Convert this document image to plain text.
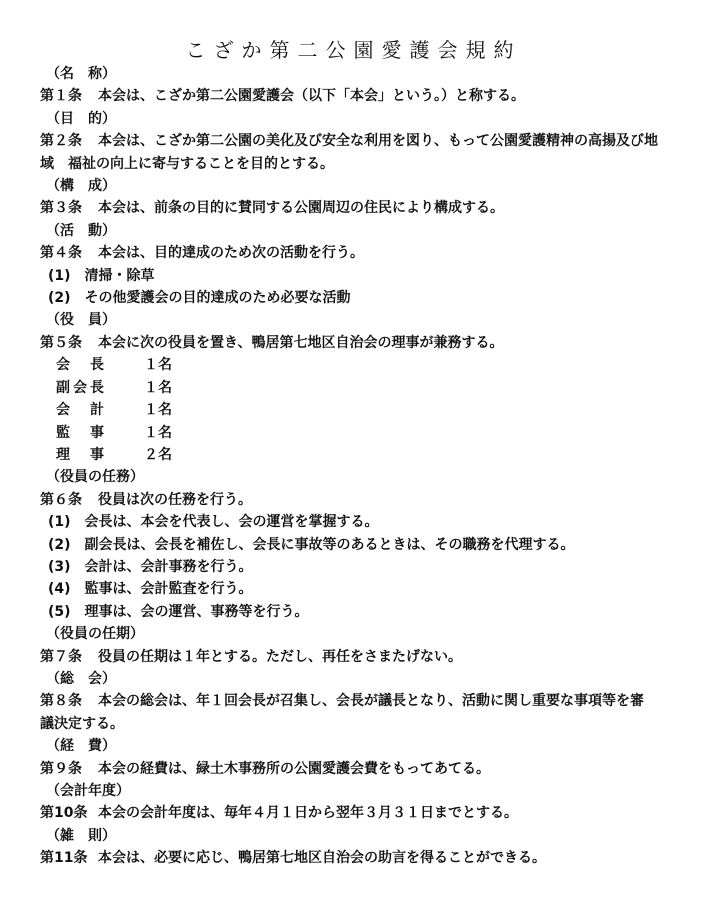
こざか第二公園愛護会規約

（名　称）

第１条 本会は、こざか第二公園愛護会（以下「本会」という。）と称する。

（目　的）

第２条 本会は、こざか第二公園の美化及び安全な利用を図り、もって公園愛護精神の高揚及び地

域　福祉の向上に寄与することを目的とする。

（構　成）

第３条 本会は、前条の目的に賛同する公園周辺の住民により構成する。

（活　動）

第４条 本会は、目的達成のため次の活動を行う。

(1)　清掃・除草

(2)　その他愛護会の目的達成のため必要な活動

（役　員）

第５条 本会に次の役員を置き、鴨居第七地区自治会の理事が兼務する。

会　長	１名
副会長	１名
会　計	１名
監　事	１名
理　事	２名

（役員の任務）

第６条 役員は次の任務を行う。

(1)　会長は、本会を代表し、会の運営を掌握する。

(2)　副会長は、会長を補佐し、会長に事故等のあるときは、その職務を代理する。

(3)　会計は、会計事務を行う。

(4)　監事は、会計監査を行う。

(5)　理事は、会の運営、事務等を行う。

（役員の任期）

第７条 役員の任期は１年とする。ただし、再任をさまたげない。

（総　会）

第８条 本会の総会は、年１回会長が召集し、会長が議長となり、活動に関し重要な事項等を審

議決定する。

（経　費）

第９条 本会の経費は、緑土木事務所の公園愛護会費をもってあてる。

（会計年度）

第10条 本会の会計年度は、毎年４月１日から翌年３月３１日までとする。

（雑　則）

第11条 本会は、必要に応じ、鴨居第七地区自治会の助言を得ることができる。
